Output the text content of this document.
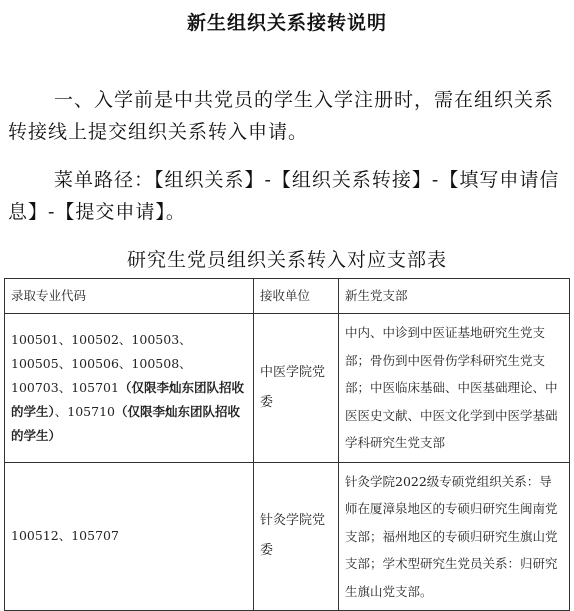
新生组织关系接转说明
一、入学前是中共党员的学生入学注册时，需在组织关系转接线上提交组织关系转入申请。
菜单路径：【组织关系】-【组织关系转接】-【填写申请信息】-【提交申请】。
研究生党员组织关系转入对应支部表
录取专业代码	接收单位	新生党支部
100501、100502、100503、100505、100506、100508、100703、105701（仅限李灿东团队招收的学生）、105710（仅限李灿东团队招收的学生）	中医学院党委	中内、中诊到中医证基地研究生党支部；骨伤到中医骨伤学科研究生党支部；中医临床基础、中医基础理论、中医医史文献、中医文化学到中医学基础学科研究生党支部
100512、105707	针灸学院党委	针灸学院2022级专硕党组织关系：导师在厦漳泉地区的专硕归研究生闽南党支部；福州地区的专硕归研究生旗山党支部；学术型研究生党员关系：归研究生旗山党支部。
